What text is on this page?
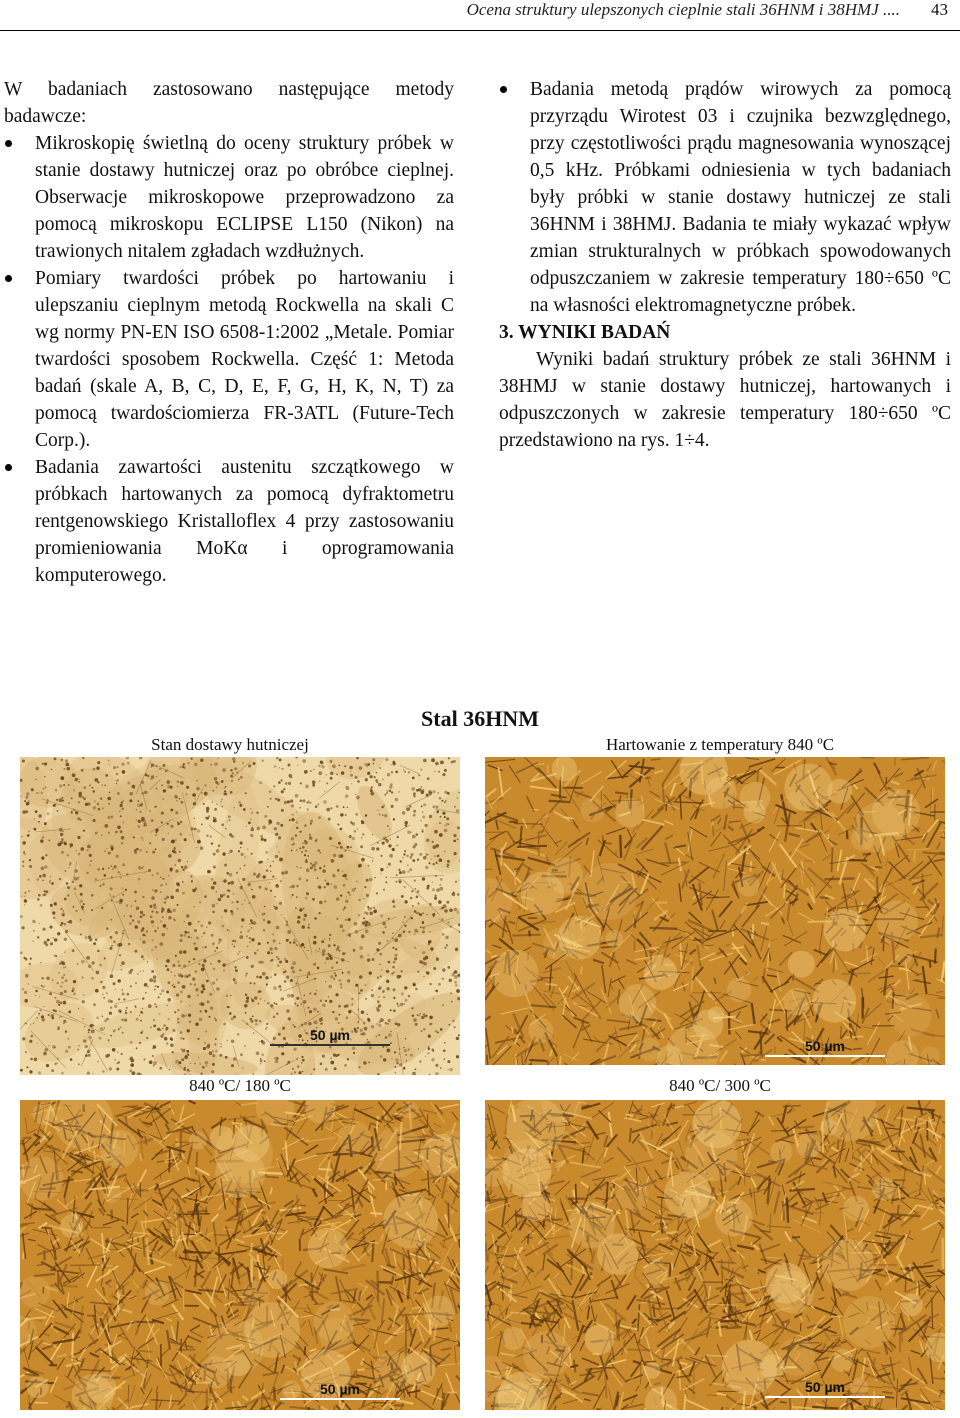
Ocena struktury ulepszonych cieplnie stali 36HNM i 38HMJ .... 43

W badaniach zastosowano następujące metody badawcze:

Mikroskopię świetlną do oceny struktury próbek w stanie dostawy hutniczej oraz po obróbce cieplnej. Obserwacje mikroskopowe przeprowadzono za pomocą mikroskopu ECLIPSE L150 (Nikon) na trawionych nitalem zgładach wzdłużnych.
Pomiary twardości próbek po hartowaniu i ulepszaniu cieplnym metodą Rockwella na skali C wg normy PN-EN ISO 6508-1:2002 „Metale. Pomiar twardości sposobem Rockwella. Część 1: Metoda badań (skale A, B, C, D, E, F, G, H, K, N, T) za pomocą twardościomierza FR-3ATL (Future-Tech Corp.).
Badania zawartości austenitu szczątkowego w próbkach hartowanych za pomocą dyfraktometru rentgenowskiego Kristalloflex 4 przy zastosowaniu promieniowania MoKα i oprogramowania komputerowego.
Badania metodą prądów wirowych za pomocą przyrządu Wirotest 03 i czujnika bezwzględnego, przy częstotliwości prądu magnesowania wynoszącej 0,5 kHz. Próbkami odniesienia w tych badaniach były próbki w stanie dostawy hutniczej ze stali 36HNM i 38HMJ. Badania te miały wykazać wpływ zmian strukturalnych w próbkach spowodowanych odpuszczaniem w zakresie temperatury 180÷650 ºC na własności elektromagnetyczne próbek.

3. WYNIKI BADAŃ

Wyniki badań struktury próbek ze stali 36HNM i 38HMJ w stanie dostawy hutniczej, hartowanych i odpuszczonych w zakresie temperatury 180÷650 ºC przedstawiono na rys. 1÷4.

Stal 36HNM
Stan dostawy hutniczej	Hartowanie z temperatury 840 ºC
840 ºC/ 180 ºC	840 ºC/ 300 ºC
50 µm
50 µm
50 µm	50 µm
